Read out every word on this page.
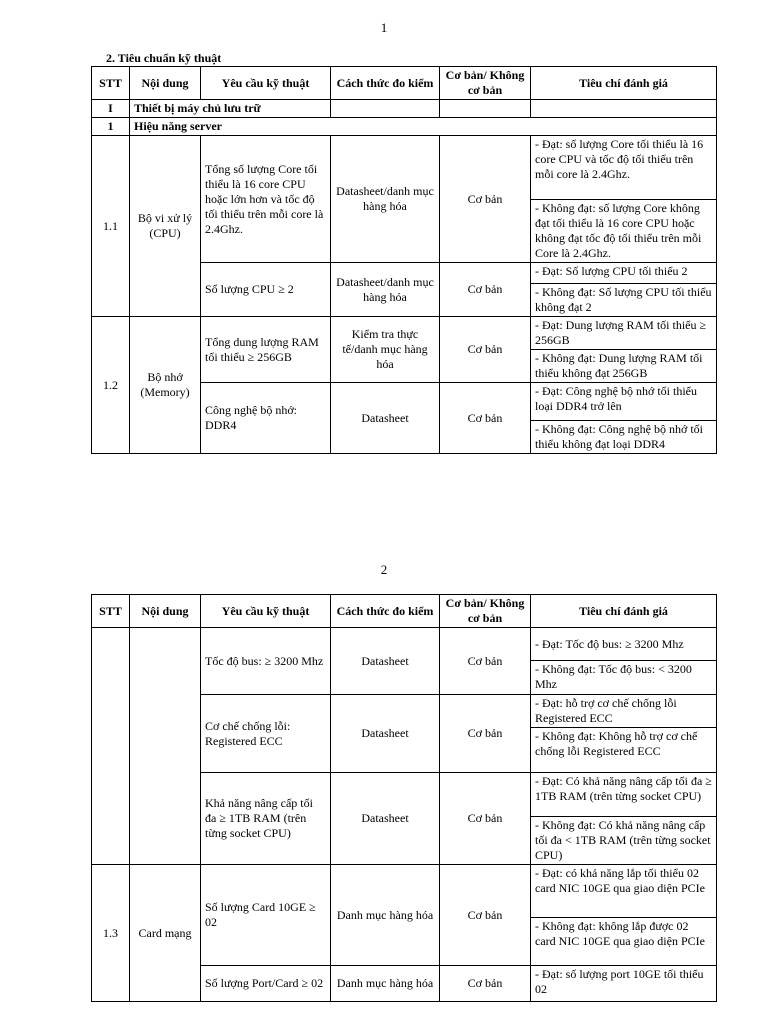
1
2. Tiêu chuẩn kỹ thuật
STT	Nội dung	Yêu cầu kỹ thuật	Cách thức đo kiểm	Cơ bản/ Không cơ bản	Tiêu chí đánh giá
I	Thiết bị máy chủ lưu trữ				
1	Hiệu năng server				
1.1	Bộ vi xử lý (CPU)	Tổng số lượng Core tối thiểu là 16 core CPU hoặc lớn hơn và tốc độ tối thiểu trên mỗi core là 2.4Ghz.	Datasheet/danh mục hàng hóa	Cơ bản	- Đạt: số lượng Core tối thiểu là 16 core CPU và tốc độ tối thiểu trên mỗi core là 2.4Ghz.
					- Không đạt: số lượng Core không đạt tối thiểu là 16 core CPU hoặc không đạt tốc độ tối thiểu trên mỗi Core là 2.4Ghz.
		Số lượng CPU ≥ 2	Datasheet/danh mục hàng hóa	Cơ bản	- Đạt: Số lượng CPU tối thiểu 2
					- Không đạt: Số lượng CPU tối thiểu không đạt 2
1.2	Bộ nhớ (Memory)	Tổng dung lượng RAM tối thiểu ≥ 256GB	Kiểm tra thực tế/danh mục hàng hóa	Cơ bản	- Đạt: Dung lượng RAM tối thiểu ≥ 256GB
					- Không đạt: Dung lượng RAM tối thiểu không đạt 256GB
		Công nghệ bộ nhớ: DDR4	Datasheet	Cơ bản	- Đạt: Công nghệ bộ nhớ tối thiểu loại DDR4 trở lên
					- Không đạt: Công nghệ bộ nhớ tối thiểu không đạt loại DDR4
2
STT	Nội dung	Yêu cầu kỹ thuật	Cách thức đo kiểm	Cơ bản/ Không cơ bản	Tiêu chí đánh giá
		Tốc độ bus: ≥ 3200 Mhz	Datasheet	Cơ bản	- Đạt: Tốc độ bus: ≥ 3200 Mhz
					- Không đạt: Tốc độ bus: < 3200 Mhz
		Cơ chế chống lỗi: Registered ECC	Datasheet	Cơ bản	- Đạt: hỗ trợ cơ chế chống lỗi Registered ECC
					- Không đạt: Không hỗ trợ cơ chế chống lỗi Registered ECC
		Khả năng nâng cấp tối đa ≥ 1TB RAM (trên từng socket CPU)	Datasheet	Cơ bản	- Đạt: Có khả năng nâng cấp tối đa ≥ 1TB RAM (trên từng socket CPU)
					- Không đạt: Có khả năng nâng cấp tối đa < 1TB RAM (trên từng socket CPU)
1.3	Card mạng	Số lượng Card 10GE ≥ 02	Danh mục hàng hóa	Cơ bản	- Đạt: có khả năng lắp tối thiểu 02 card NIC 10GE qua giao diện PCIe
					- Không đạt: không lắp được 02 card NIC 10GE qua giao diện PCIe
		Số lượng Port/Card ≥ 02	Danh mục hàng hóa	Cơ bản	- Đạt: số lượng port 10GE tối thiểu 02
